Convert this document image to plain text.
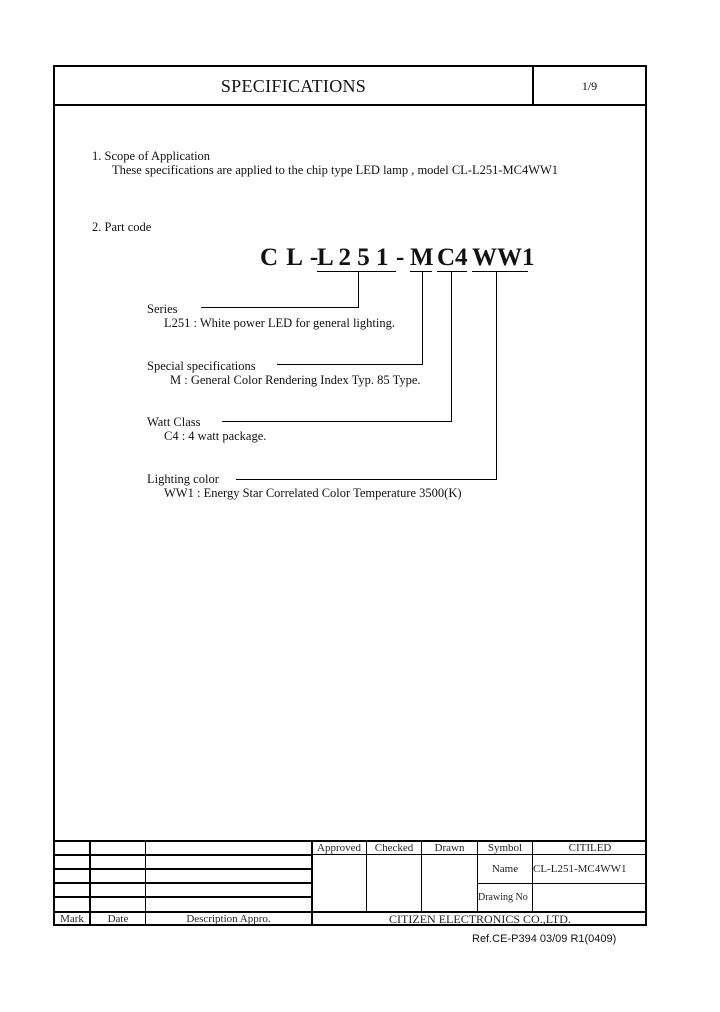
SPECIFICATIONS	1/9
1. Scope of Application
These specifications are applied to the chip type LED lamp , model CL-L251-MC4WW1
2. Part code
C L -
L 2 5 1 - M C4 WW1
Series
L251 : White power LED for general lighting.
Special specifications
M : General Color Rendering Index Typ. 85 Type.
Watt Class
C4 : 4 watt package.
Lighting color
WW1 : Energy Star Correlated Color Temperature 3500(K)
Approved	Checked	Drawn	Symbol	CITILED
Name	CL-L251-MC4WW1
Drawing No
Mark	Date	Description Appro.	CITIZEN ELECTRONICS CO.,LTD.
Ref.CE-P394 03/09 R1(0409)
